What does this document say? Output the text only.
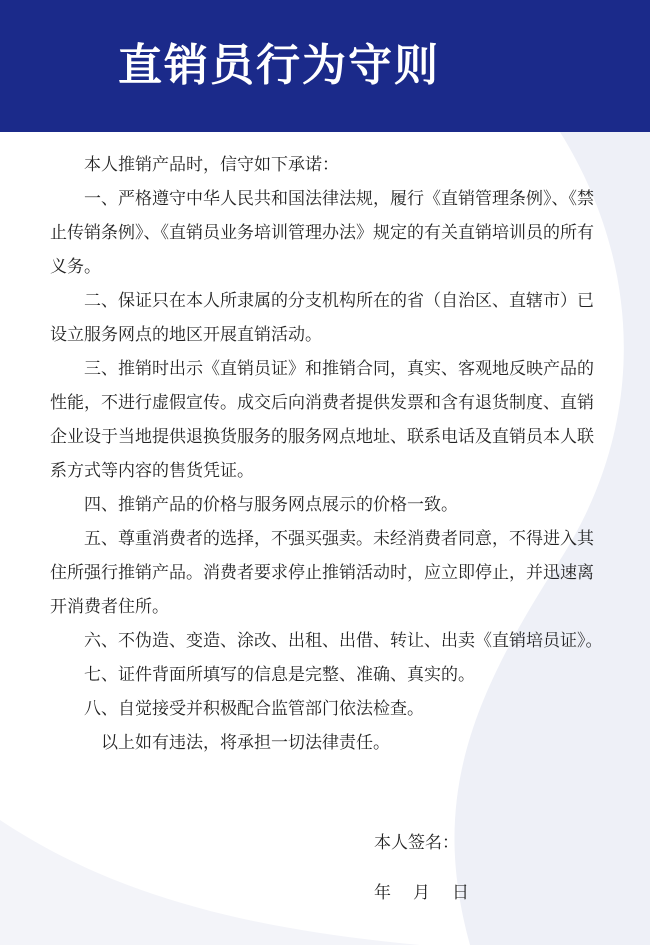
直销员行为守则

本人推销产品时，信守如下承诺：

一、严格遵守中华人民共和国法律法规，履行《直销管理条例》、《禁止传销条例》、《直销员业务培训管理办法》规定的有关直销培训员的所有义务。

二、保证只在本人所隶属的分支机构所在的省（自治区、直辖市）已设立服务网点的地区开展直销活动。

三、推销时出示《直销员证》和推销合同，真实、客观地反映产品的性能，不进行虚假宣传。成交后向消费者提供发票和含有退货制度、直销企业设于当地提供退换货服务的服务网点地址、联系电话及直销员本人联系方式等内容的售货凭证。

四、推销产品的价格与服务网点展示的价格一致。

五、尊重消费者的选择，不强买强卖。未经消费者同意，不得进入其住所强行推销产品。消费者要求停止推销活动时，应立即停止，并迅速离开消费者住所。

六、不伪造、变造、涂改、出租、出借、转让、出卖《直销培员证》。

七、证件背面所填写的信息是完整、准确、真实的。

八、自觉接受并积极配合监管部门依法检查。

以上如有违法，将承担一切法律责任。

本人签名：
年 月 日
